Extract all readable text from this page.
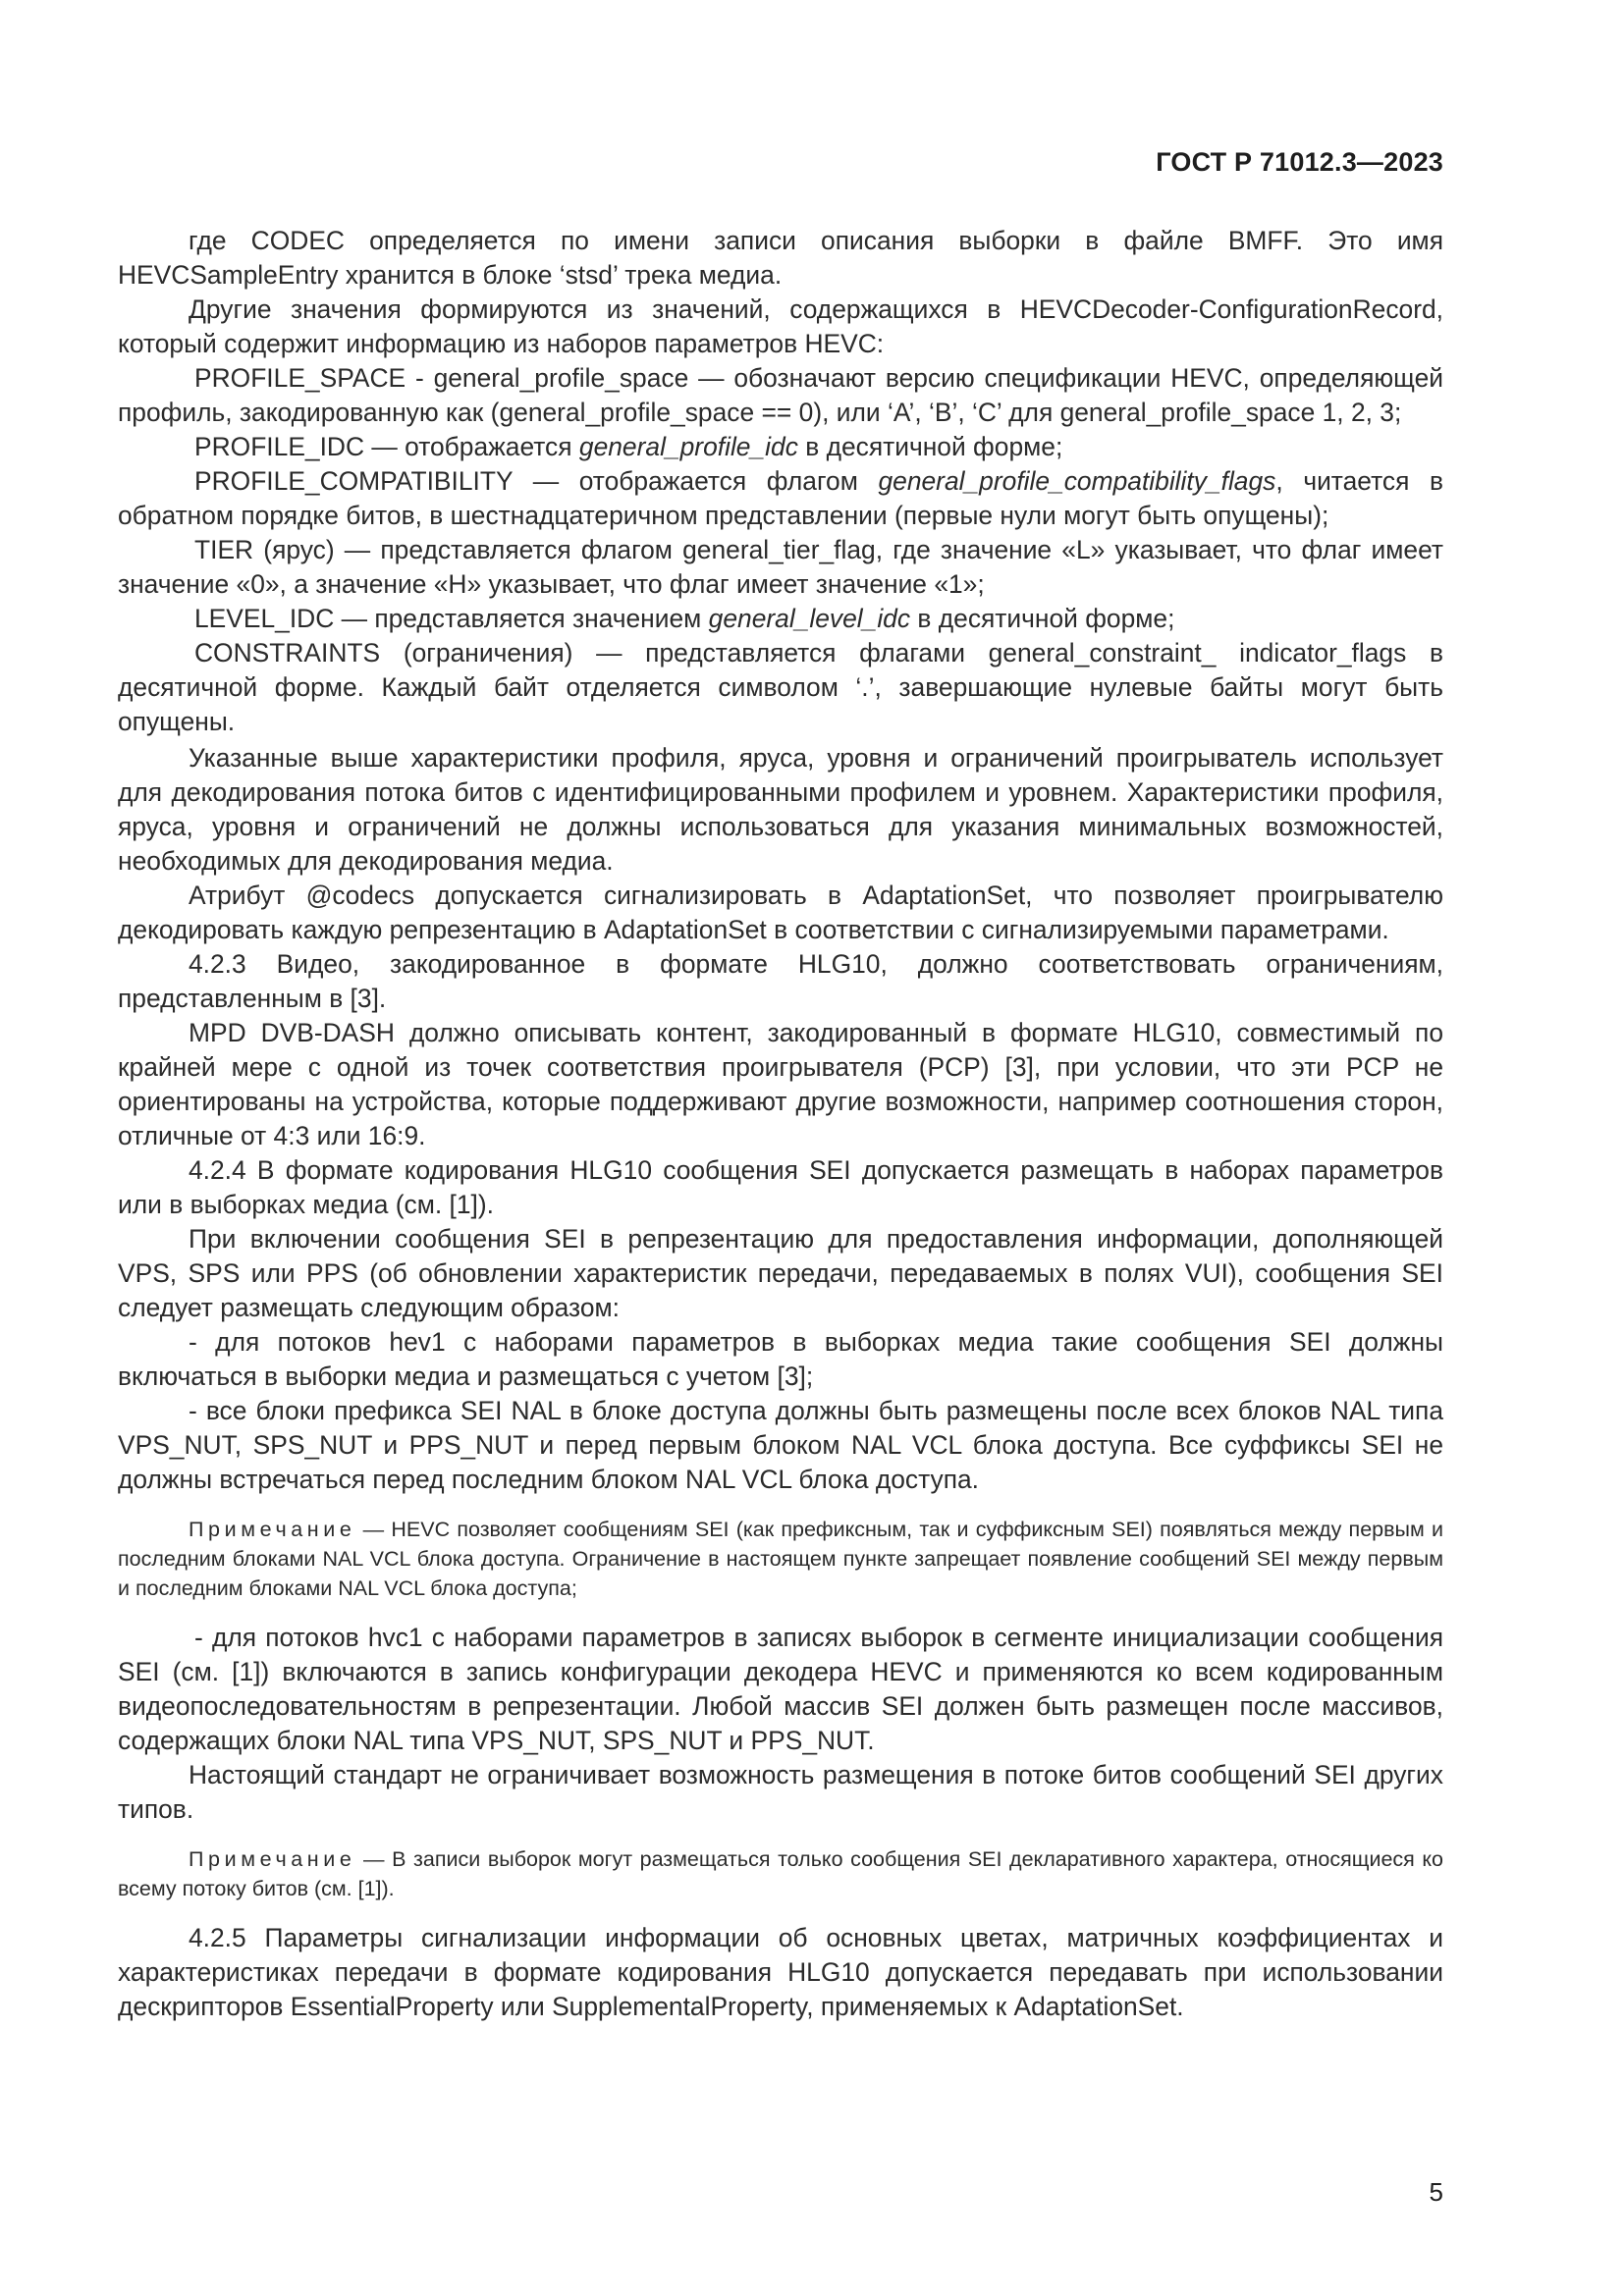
ГОСТ Р 71012.3—2023

где CODEC определяется по имени записи описания выборки в файле BMFF. Это имя HEVCSampleEntry хранится в блоке ‘stsd’ трека медиа.

Другие значения формируются из значений, содержащихся в HEVCDecoder-ConfigurationRecord, который содержит информацию из наборов параметров HEVC:

PROFILE_SPACE - general_profile_space — обозначают версию спецификации HEVC, определяющей профиль, закодированную как (general_profile_space == 0), или ‘A’, ‘B’, ‘C’ для general_profile_space 1, 2, 3;

PROFILE_IDC — отображается general_profile_idc в десятичной форме;

PROFILE_COMPATIBILITY — отображается флагом general_profile_compatibility_flags, читается в обратном порядке битов, в шестнадцатеричном представлении (первые нули могут быть опущены);

TIER (ярус) — представляется флагом general_tier_flag, где значение «L» указывает, что флаг имеет значение «0», а значение «H» указывает, что флаг имеет значение «1»;

LEVEL_IDC — представляется значением general_level_idc в десятичной форме;

CONSTRAINTS (ограничения) — представляется флагами general_constraint_ indicator_flags в десятичной форме. Каждый байт отделяется символом ‘.’, завершающие нулевые байты могут быть опущены.

Указанные выше характеристики профиля, яруса, уровня и ограничений проигрыватель использует для декодирования потока битов с идентифицированными профилем и уровнем. Характеристики профиля, яруса, уровня и ограничений не должны использоваться для указания минимальных возможностей, необходимых для декодирования медиа.

Атрибут @codecs допускается сигнализировать в AdaptationSet, что позволяет проигрывателю декодировать каждую репрезентацию в AdaptationSet в соответствии с сигнализируемыми параметрами.

4.2.3 Видео, закодированное в формате HLG10, должно соответствовать ограничениям, представленным в [3].

MPD DVB-DASH должно описывать контент, закодированный в формате HLG10, совместимый по крайней мере с одной из точек соответствия проигрывателя (PCP) [3], при условии, что эти PCP не ориентированы на устройства, которые поддерживают другие возможности, например соотношения сторон, отличные от 4:3 или 16:9.

4.2.4 В формате кодирования HLG10 сообщения SEI допускается размещать в наборах параметров или в выборках медиа (см. [1]).

При включении сообщения SEI в репрезентацию для предоставления информации, дополняющей VPS, SPS или PPS (об обновлении характеристик передачи, передаваемых в полях VUI), сообщения SEI следует размещать следующим образом:

- для потоков hev1 с наборами параметров в выборках медиа такие сообщения SEI должны включаться в выборки медиа и размещаться с учетом [3];

- все блоки префикса SEI NAL в блоке доступа должны быть размещены после всех блоков NAL типа VPS_NUT, SPS_NUT и PPS_NUT и перед первым блоком NAL VCL блока доступа. Все суффиксы SEI не должны встречаться перед последним блоком NAL VCL блока доступа.

Примечание — HEVC позволяет сообщениям SEI (как префиксным, так и суффиксным SEI) появляться между первым и последним блоками NAL VCL блока доступа. Ограничение в настоящем пункте запрещает появление сообщений SEI между первым и последним блоками NAL VCL блока доступа;

- для потоков hvc1 с наборами параметров в записях выборок в сегменте инициализации сообщения SEI (см. [1]) включаются в запись конфигурации декодера HEVC и применяются ко всем кодированным видеопоследовательностям в репрезентации. Любой массив SEI должен быть размещен после массивов, содержащих блоки NAL типа VPS_NUT, SPS_NUT и PPS_NUT.

Настоящий стандарт не ограничивает возможность размещения в потоке битов сообщений SEI других типов.

Примечание — В записи выборок могут размещаться только сообщения SEI декларативного характера, относящиеся ко всему потоку битов (см. [1]).

4.2.5 Параметры сигнализации информации об основных цветах, матричных коэффициентах и характеристиках передачи в формате кодирования HLG10 допускается передавать при использовании дескрипторов EssentialProperty или SupplementalProperty, применяемых к AdaptationSet.

5
